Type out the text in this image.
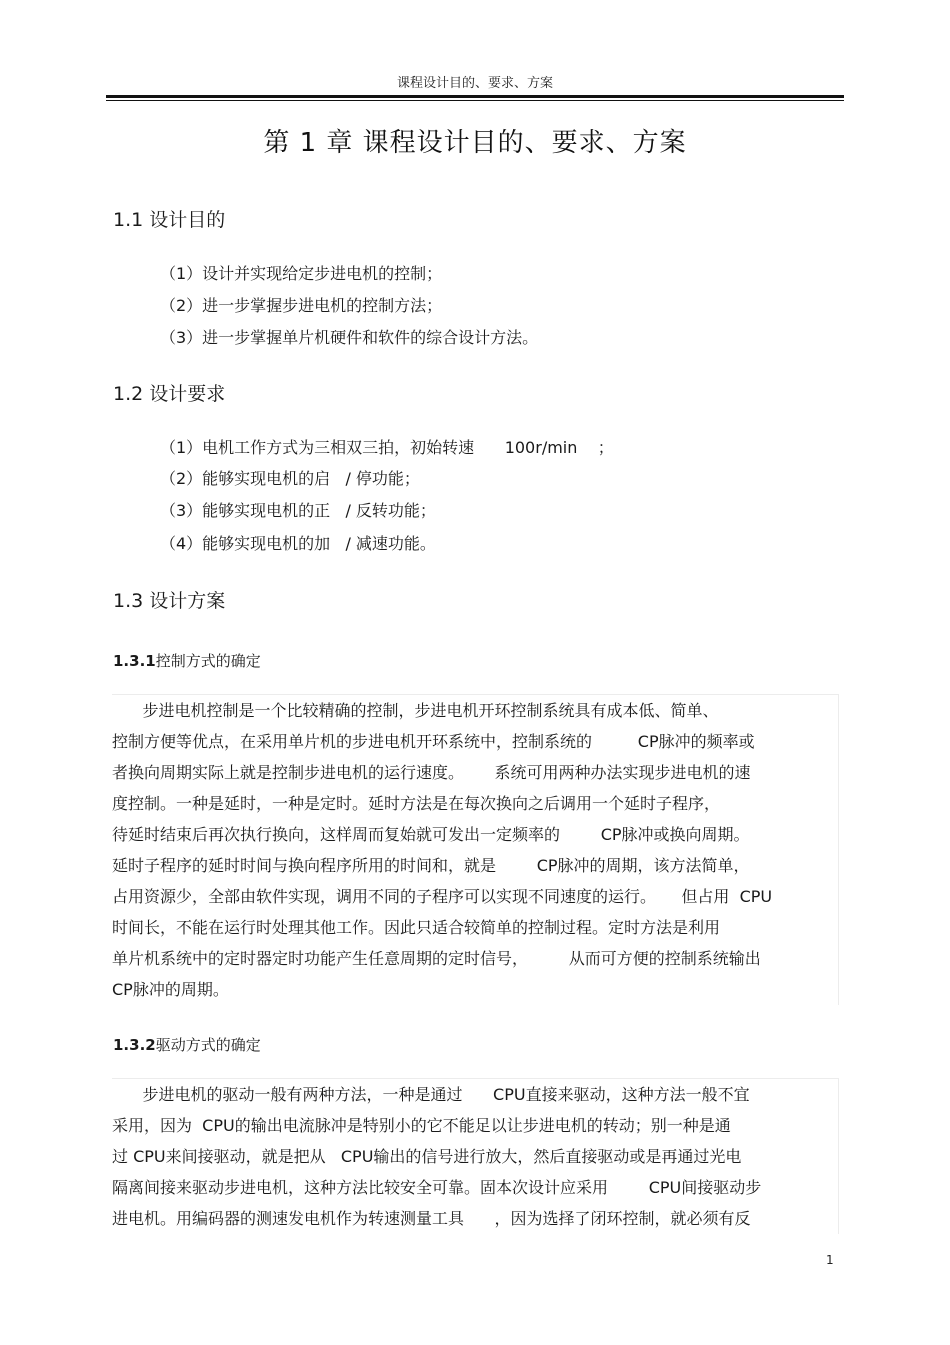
课程设计目的、要求、方案
第 1 章 课程设计目的、要求、方案
1.1 设计目的
（1）设计并实现给定步进电机的控制；
（2）进一步掌握步进电机的控制方法；
（3）进一步掌握单片机硬件和软件的综合设计方法。
1.2 设计要求
（1）电机工作方式为三相双三拍，初始转速      100r/min    ；
（2）能够实现电机的启   / 停功能；
（3）能够实现电机的正   / 反转功能；
（4）能够实现电机的加   / 减速功能。
1.3 设计方案
1.3.1控制方式的确定
步进电机控制是一个比较精确的控制，步进电机开环控制系统具有成本低、简单、
控制方便等优点，在采用单片机的步进电机开环系统中，控制系统的         CP脉冲的频率或
者换向周期实际上就是控制步进电机的运行速度。      系统可用两种办法实现步进电机的速
度控制。一种是延时，一种是定时。延时方法是在每次换向之后调用一个延时子程序，
待延时结束后再次执行换向，这样周而复始就可发出一定频率的        CP脉冲或换向周期。
延时子程序的延时时间与换向程序所用的时间和，就是        CP脉冲的周期，该方法简单，
占用资源少，全部由软件实现，调用不同的子程序可以实现不同速度的运行。     但占用  CPU
时间长，不能在运行时处理其他工作。因此只适合较简单的控制过程。定时方法是利用
单片机系统中的定时器定时功能产生任意周期的定时信号，        从而可方便的控制系统输出
CP脉冲的周期。
1.3.2驱动方式的确定
步进电机的驱动一般有两种方法，一种是通过      CPU直接来驱动，这种方法一般不宜
采用，因为  CPU的输出电流脉冲是特别小的它不能足以让步进电机的转动；别一种是通
过 CPU来间接驱动，就是把从   CPU输出的信号进行放大，然后直接驱动或是再通过光电
隔离间接来驱动步进电机，这种方法比较安全可靠。固本次设计应采用        CPU间接驱动步
进电机。用编码器的测速发电机作为转速测量工具      ，因为选择了闭环控制，就必须有反
1
